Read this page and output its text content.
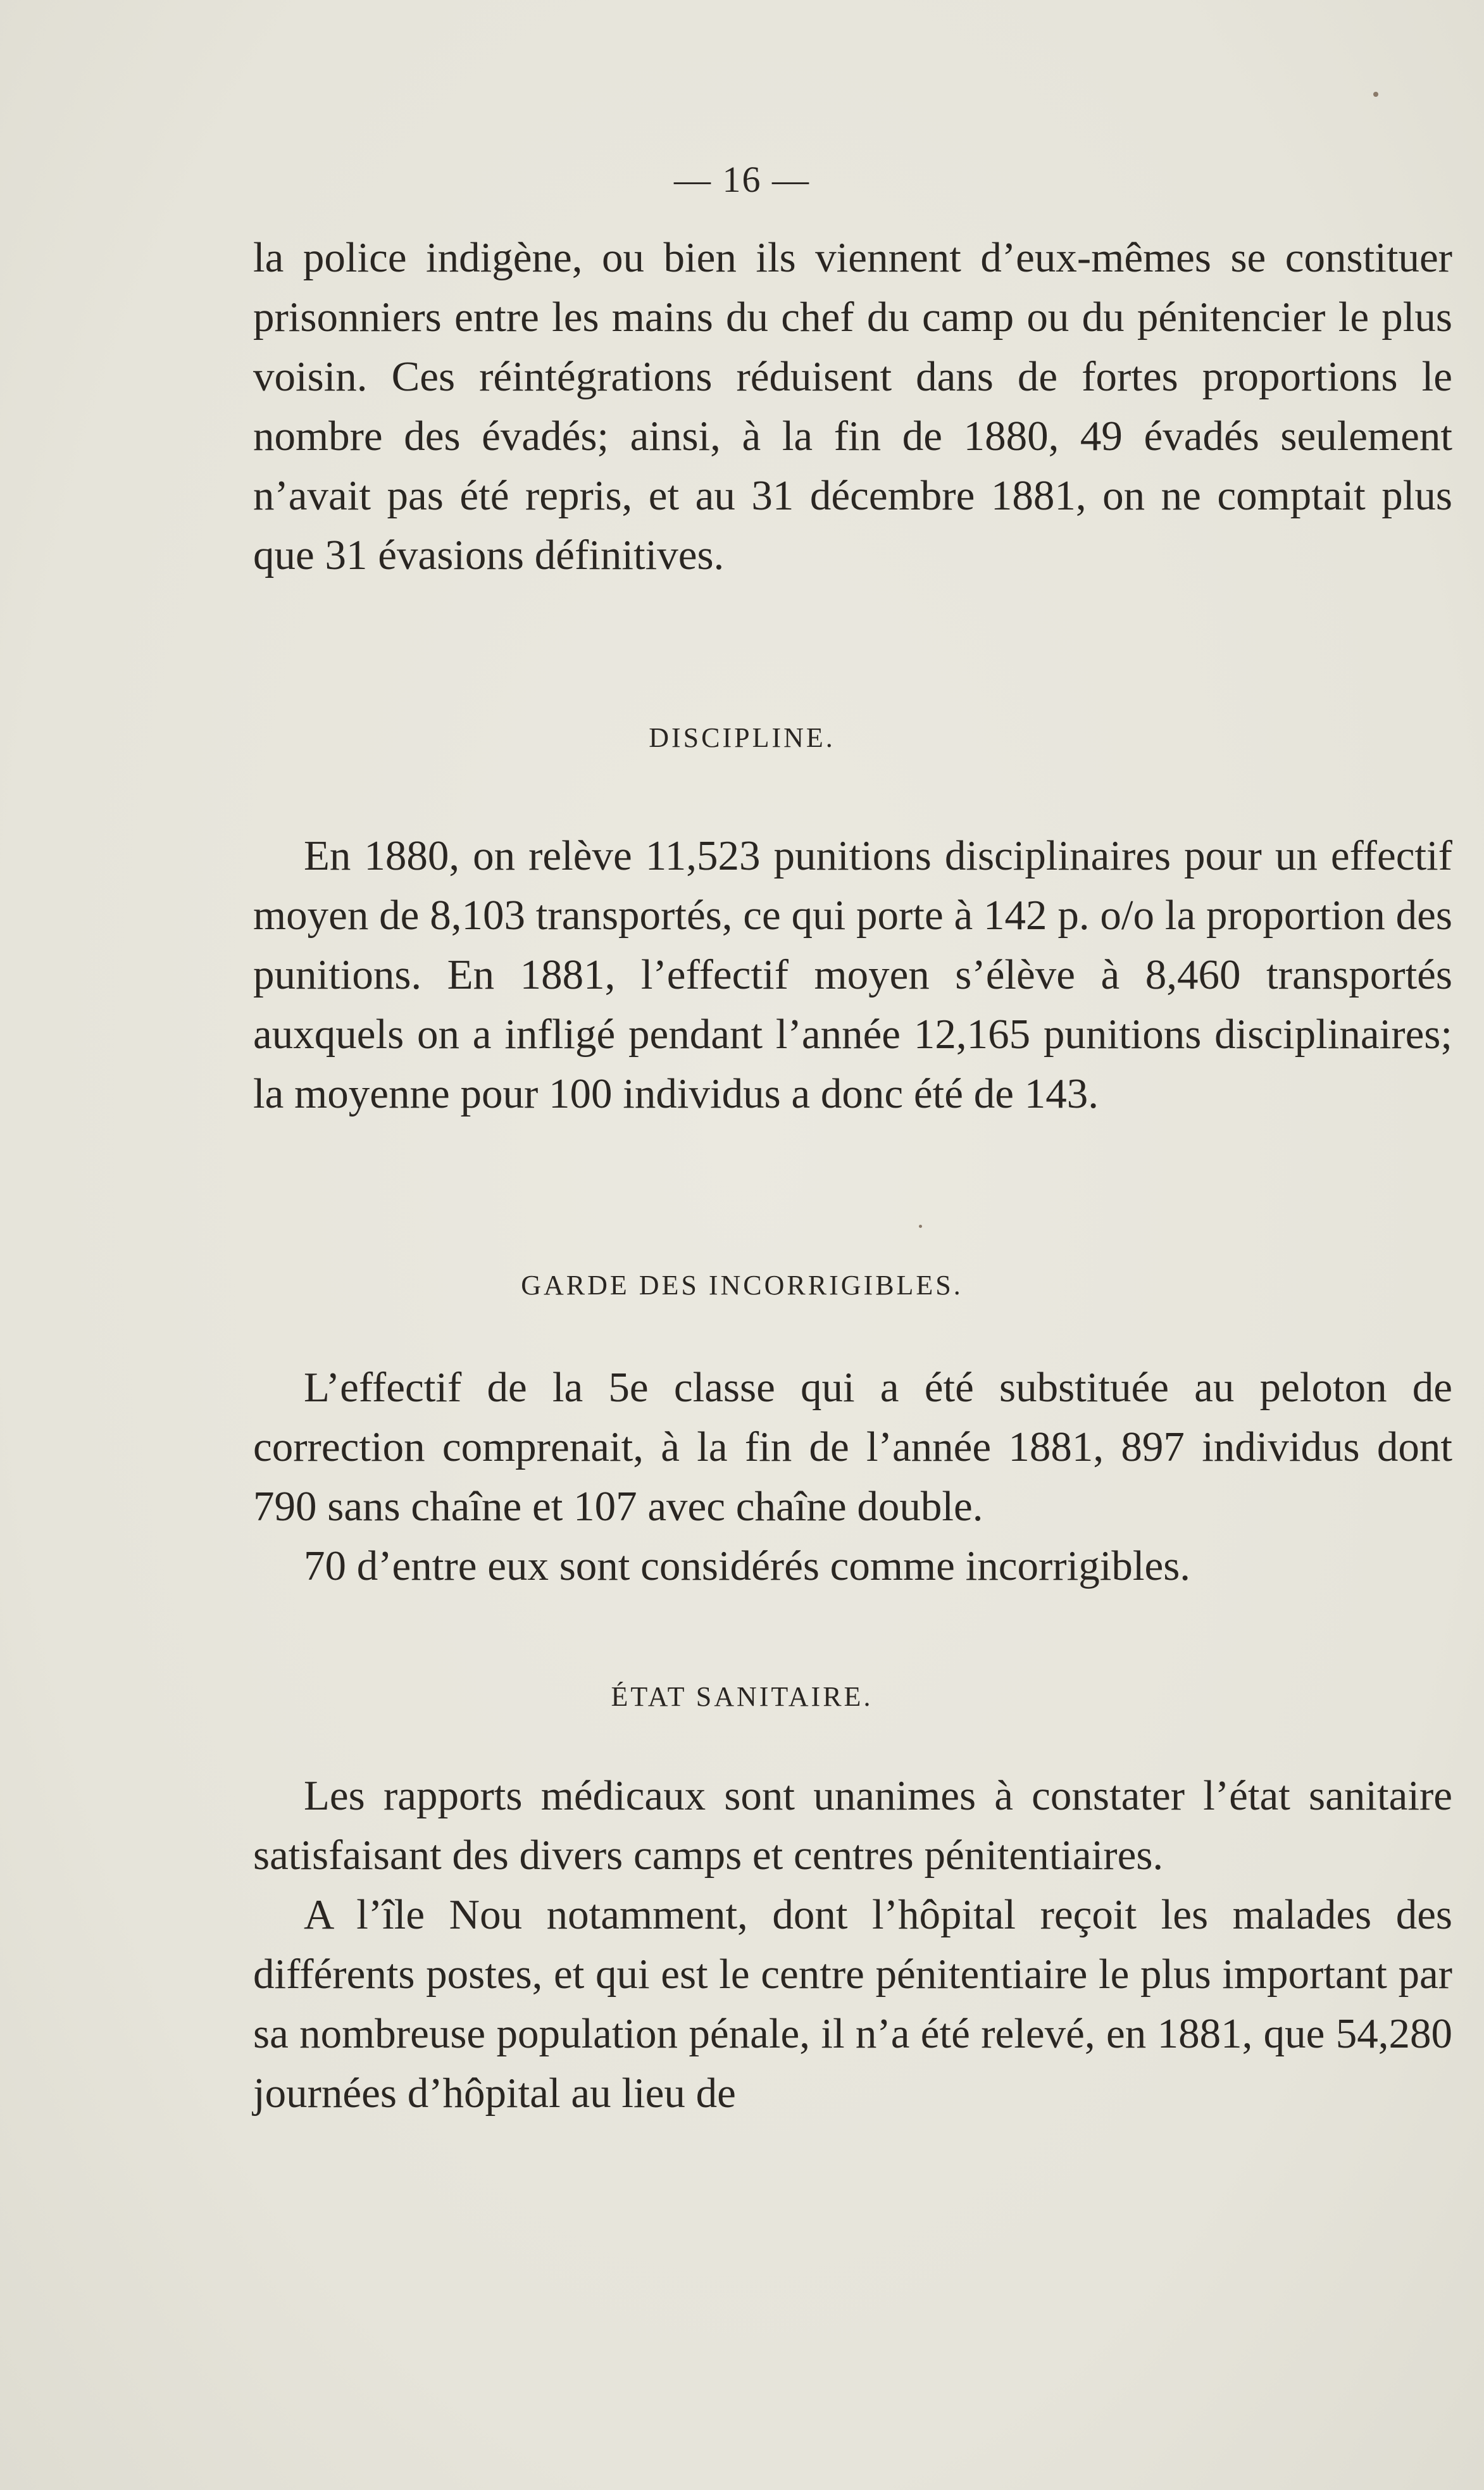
— 16 —

la police indigène, ou bien ils viennent d’eux-mêmes se constituer prisonniers entre les mains du chef du camp ou du pénitencier le plus voisin. Ces réintégrations réduisent dans de fortes proportions le nombre des évadés; ainsi, à la fin de 1880, 49 évadés seulement n’avait pas été repris, et au 31 décembre 1881, on ne comptait plus que 31 évasions définitives.

DISCIPLINE.

En 1880, on relève 11,523 punitions disciplinaires pour un effectif moyen de 8,103 transportés, ce qui porte à 142 p. o/o la proportion des punitions. En 1881, l’effectif moyen s’élève à 8,460 transportés auxquels on a infligé pendant l’année 12,165 punitions disciplinaires; la moyenne pour 100 individus a donc été de 143.

GARDE DES INCORRIGIBLES.

L’effectif de la 5e classe qui a été substituée au peloton de correction comprenait, à la fin de l’année 1881, 897 individus dont 790 sans chaîne et 107 avec chaîne double.

70 d’entre eux sont considérés comme incorrigibles.

ÉTAT SANITAIRE.

Les rapports médicaux sont unanimes à constater l’état sanitaire satisfaisant des divers camps et centres pénitentiaires.

A l’île Nou notamment, dont l’hôpital reçoit les malades des différents postes, et qui est le centre pénitentiaire le plus important par sa nombreuse population pénale, il n’a été relevé, en 1881, que 54,280 journées d’hôpital au lieu de
